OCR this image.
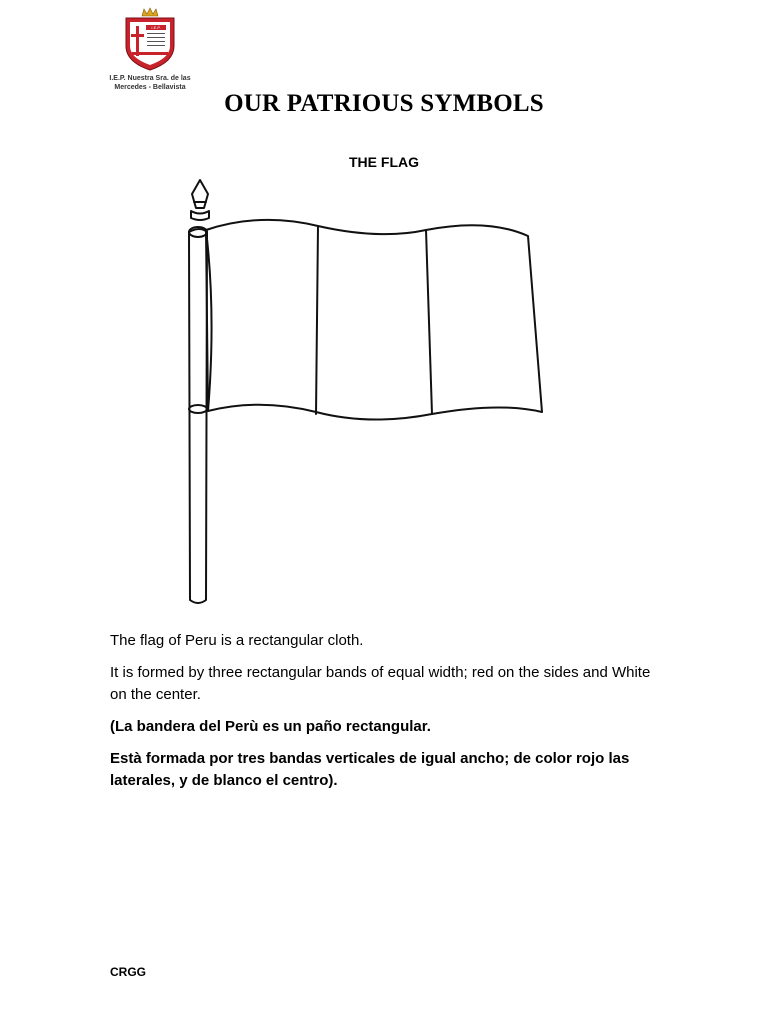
I.E.P.
I.E.P. Nuestra Sra. de las
Mercedes - Bellavista
OUR PATRIOUS SYMBOLS
THE FLAG
The flag of Peru is a rectangular cloth.
It is formed by three rectangular bands of equal width; red on the sides and White on the center.
(La bandera del Perù es un paño rectangular.
Està formada por tres bandas verticales de igual ancho; de color rojo las laterales, y de blanco el centro).
CRGG
